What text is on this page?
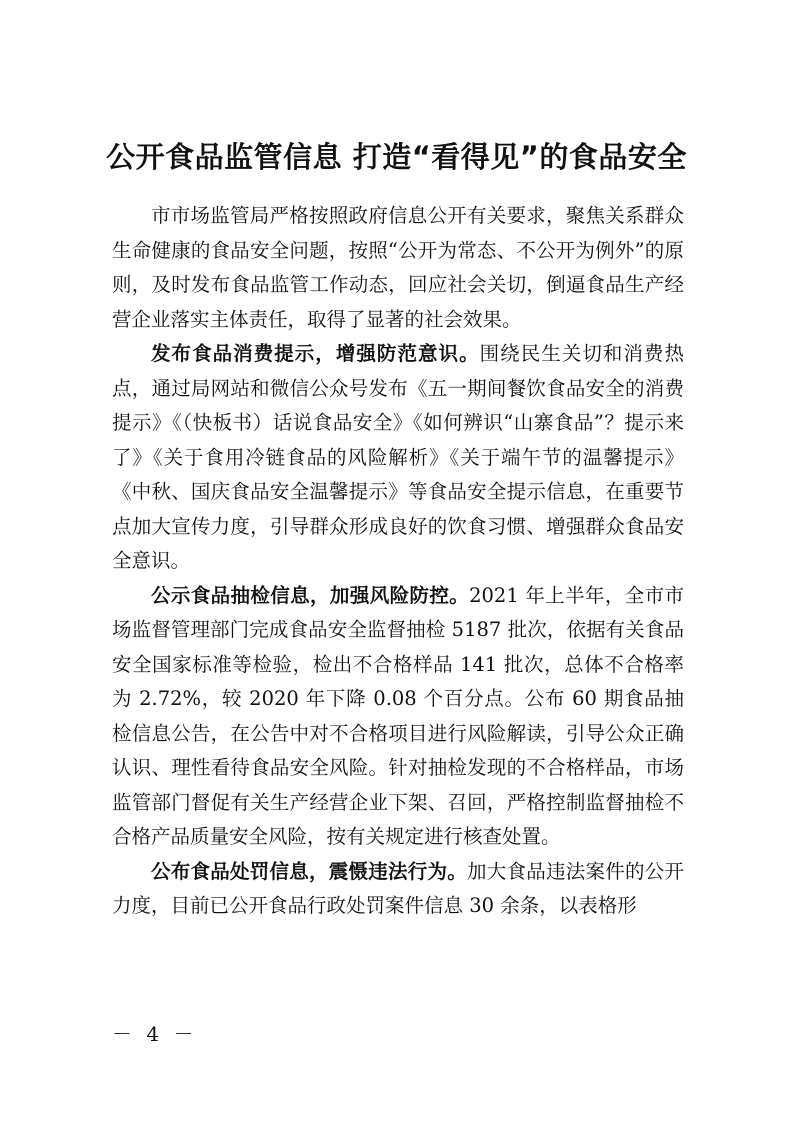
公开食品监管信息 打造“看得见”的食品安全

市市场监管局严格按照政府信息公开有关要求，聚焦关系群众生命健康的食品安全问题，按照“公开为常态、不公开为例外”的原则，及时发布食品监管工作动态，回应社会关切，倒逼食品生产经营企业落实主体责任，取得了显著的社会效果。

发布食品消费提示，增强防范意识。围绕民生关切和消费热点，通过局网站和微信公众号发布《五一期间餐饮食品安全的消费提示》《（快板书）话说食品安全》《如何辨识“山寨食品”？提示来了》《关于食用冷链食品的风险解析》《关于端午节的温馨提示》《中秋、国庆食品安全温馨提示》等食品安全提示信息，在重要节点加大宣传力度，引导群众形成良好的饮食习惯、增强群众食品安全意识。

公示食品抽检信息，加强风险防控。2021 年上半年，全市市场监督管理部门完成食品安全监督抽检 5187 批次，依据有关食品安全国家标准等检验，检出不合格样品 141 批次，总体不合格率为 2.72%，较 2020 年下降 0.08 个百分点。公布 60 期食品抽检信息公告，在公告中对不合格项目进行风险解读，引导公众正确认识、理性看待食品安全风险。针对抽检发现的不合格样品，市场监管部门督促有关生产经营企业下架、召回，严格控制监督抽检不合格产品质量安全风险，按有关规定进行核查处置。

公布食品处罚信息，震慑违法行为。加大食品违法案件的公开力度，目前已公开食品行政处罚案件信息 30 余条，以表格形

－ 4 －
